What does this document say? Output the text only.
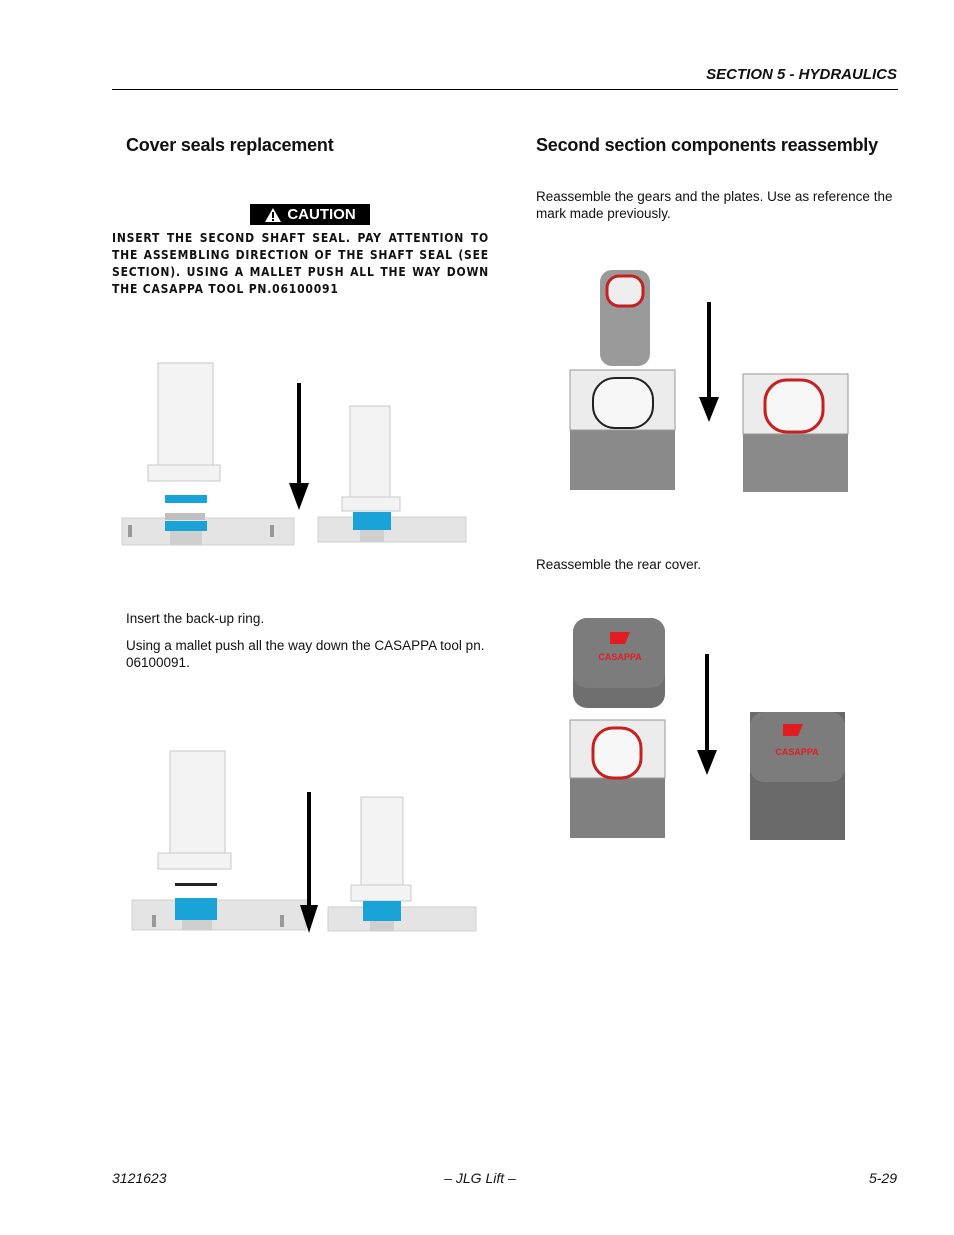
SECTION 5 - HYDRAULICS
Cover seals replacement
CAUTION
INSERT THE SECOND SHAFT SEAL. PAY ATTENTION TO THE ASSEMBLING DIRECTION OF THE SHAFT SEAL (SEE SECTION). USING A MALLET PUSH ALL THE WAY DOWN THE CASAPPA TOOL PN.06100091
Insert the back-up ring.
Using a mallet push all the way down the CASAPPA tool pn. 06100091.
Second section components reassembly
Reassemble the gears and the plates. Use as reference the mark made previously.
Reassemble the rear cover.
CASAPPA
CASAPPA
3121623	– JLG Lift –	5-29
